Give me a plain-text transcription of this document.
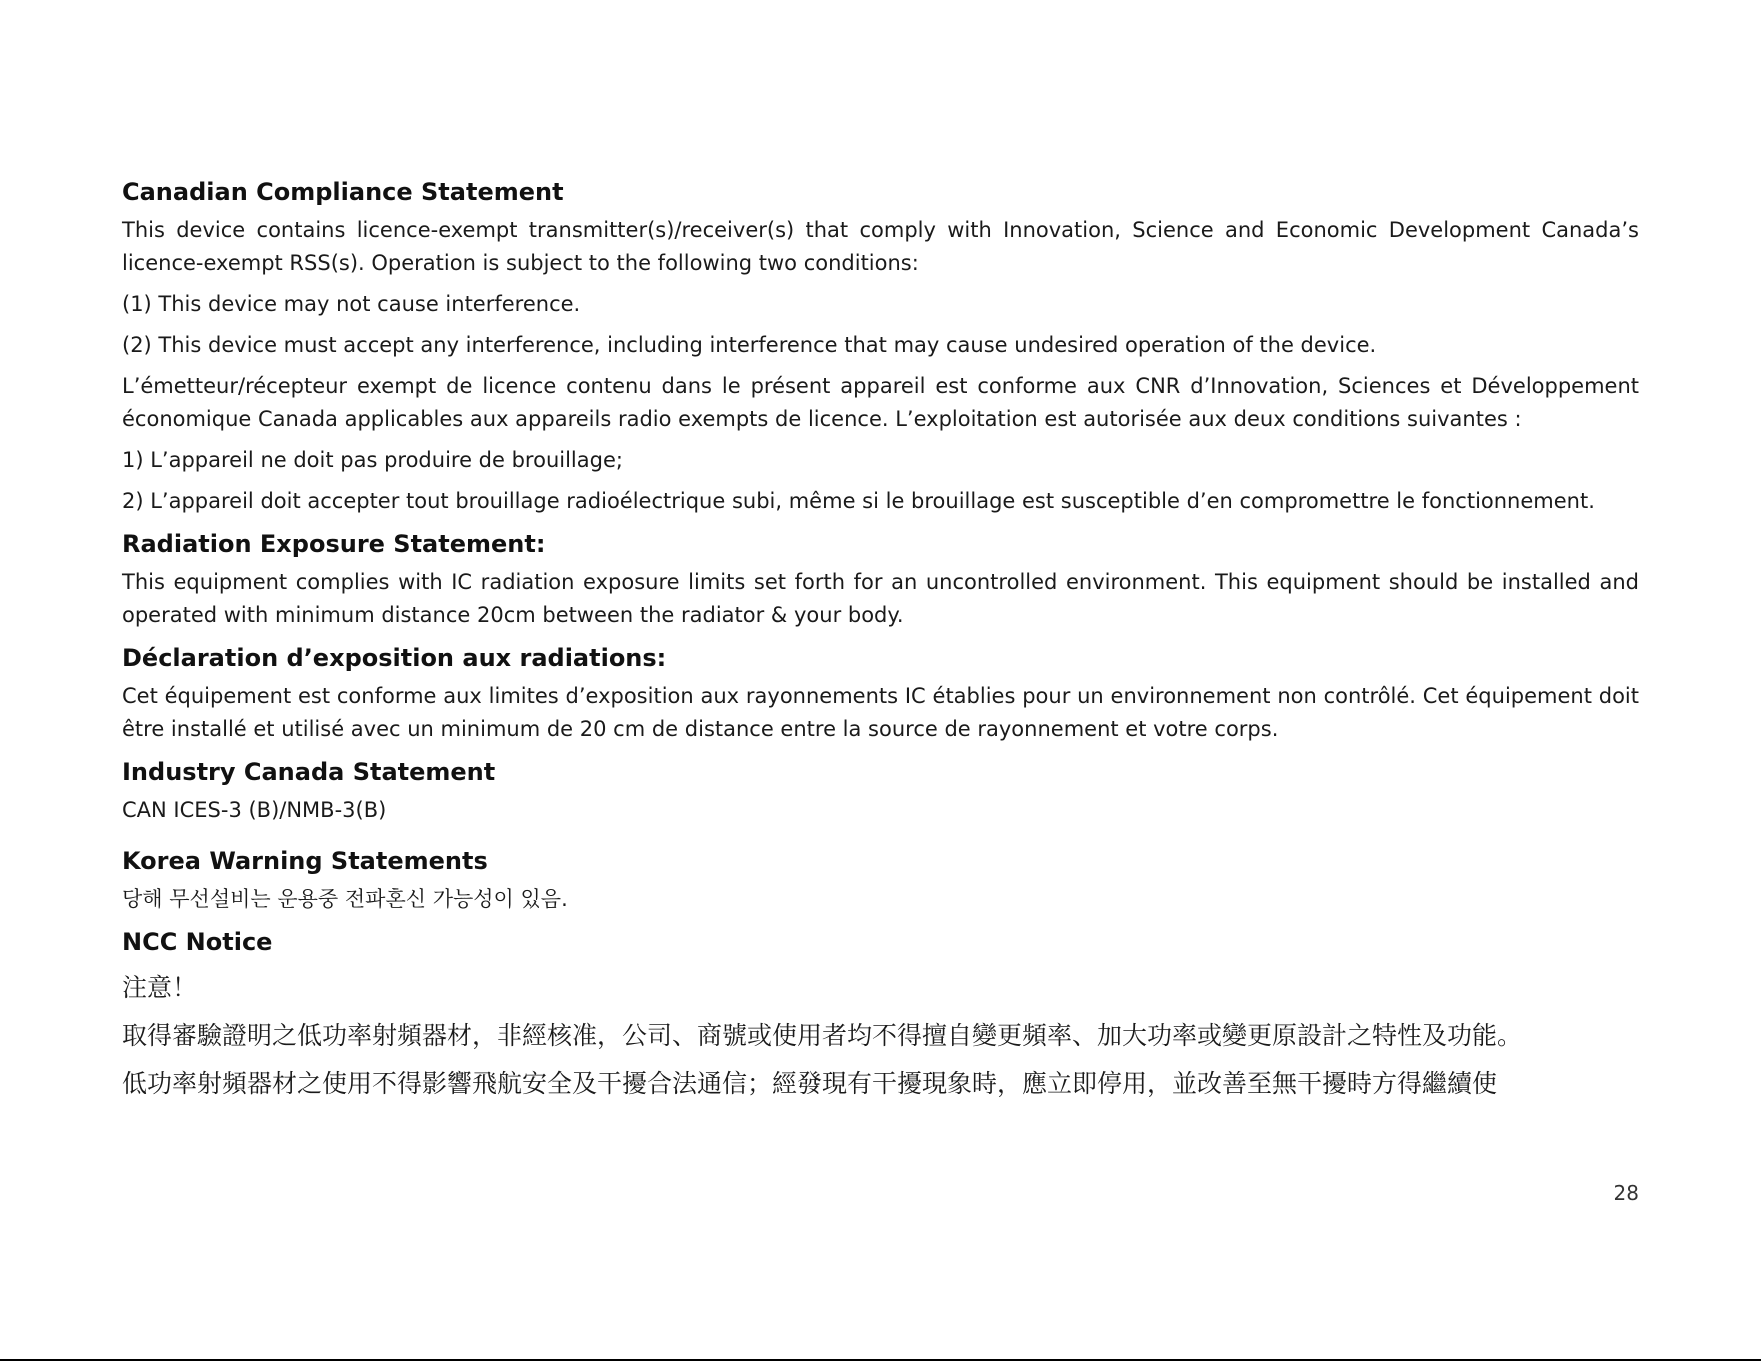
Canadian Compliance Statement

This device contains licence-exempt transmitter(s)/receiver(s) that comply with Innovation, Science and Economic Development Canada’s licence-exempt RSS(s). Operation is subject to the following two conditions:

(1) This device may not cause interference.

(2) This device must accept any interference, including interference that may cause undesired operation of the device.

L’émetteur/récepteur exempt de licence contenu dans le présent appareil est conforme aux CNR d’Innovation, Sciences et Développement économique Canada applicables aux appareils radio exempts de licence. L’exploitation est autorisée aux deux conditions suivantes :

1) L’appareil ne doit pas produire de brouillage;

2) L’appareil doit accepter tout brouillage radioélectrique subi, même si le brouillage est susceptible d’en compromettre le fonctionnement.

Radiation Exposure Statement:

This equipment complies with IC radiation exposure limits set forth for an uncontrolled environment. This equipment should be installed and operated with minimum distance 20cm between the radiator & your body.

Déclaration d’exposition aux radiations:

Cet équipement est conforme aux limites d’exposition aux rayonnements IC établies pour un environnement non contrôlé. Cet équipement doit être installé et utilisé avec un minimum de 20 cm de distance entre la source de rayonnement et votre corps.

Industry Canada Statement

CAN ICES-3 (B)/NMB-3(B)

Korea Warning Statements

당해 무선설비는 운용중 전파혼신 가능성이 있음.

NCC Notice

注意！

取得審驗證明之低功率射頻器材，非經核准，公司、商號或使用者均不得擅自變更頻率、加大功率或變更原設計之特性及功能。

低功率射頻器材之使用不得影響飛航安全及干擾合法通信；經發現有干擾現象時，應立即停用，並改善至無干擾時方得繼續使

28
